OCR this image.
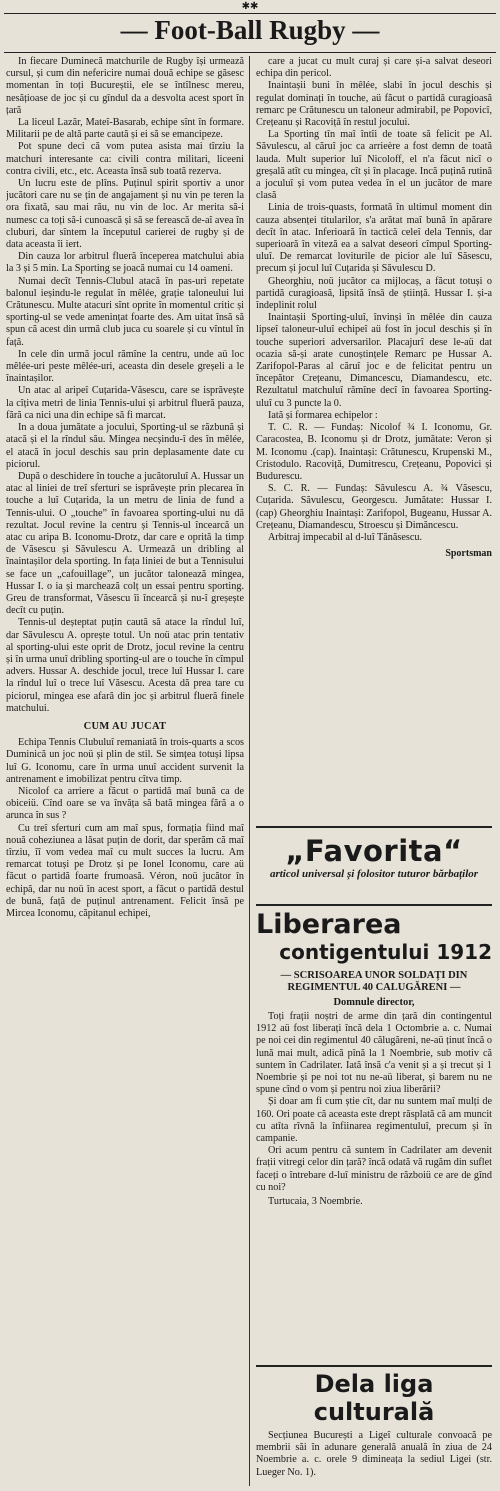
✱✱
— Foot-Ball Rugby —

In fiecare Duminecă matchurile de Rugby își urmează cursul, și cum din nefericire numai două echipe se găsesc momentan în toți Bucureștii, ele se întîlnesc mereu, nesățioase de joc și cu gîndul da a desvolta acest sport în țară

La liceul Lazăr, Mateî-Basarab, echipe sînt în formare. Militarii pe de altă parte caută și ei să se emancipeze.

Pot spune deci că vom putea asista mai tîrziu la matchuri interesante ca: civili contra militari, liceeni contra civili, etc., etc. Aceasta însă sub toată rezerva.

Un lucru este de plîns. Puținul spirit sportiv a unor jucători care nu se țin de angajament și nu vin pe teren la ora fixată, sau mai rău, nu vin de loc. Ar merita să-i numesc ca toți să-i cunoască și să se ferească de-aî avea în cluburi, dar sîntem la începutul carierei de rugby și de data aceasta îi iert.

Din cauza lor arbitrul flueră începerea matchului abia la 3 și 5 min. La Sporting se joacă numai cu 14 oameni.

Numai decît Tennis-Clubul atacă în pas-uri repetate balonul ieșindu-le regulat în mêlée, grație taloneului lui Crătunescu. Multe atacuri sînt oprite în momentul critic și sporting-ul se vede amenințat foarte des. Am uitat însă să spun că acest din urmă club juca cu soarele și cu vîntul în față.

In cele din urmă jocul rămîne la centru, unde aü loc mêlée-uri peste mêlée-uri, aceasta din desele greșeli a le înaintașilor.

Un atac al aripeî Cuțarida-Văsescu, care se isprăvește la cîțiva metri de linia Tennis-ului și arbitrul flueră pauza, fără ca nici una din echipe să fi marcat.

In a doua jumătate a jocului, Sporting-ul se răzbună și atacă și el la rîndul său. Mingea necșindu-î des în mêlée, el atacă în jocul deschis sau prin deplasamente date cu piciorul.

După o deschidere în touche a jucătoruluî A. Hussar un atac al liniei de treî sferturi se isprăvește prin plecarea în touche a luî Cuțarida, la un metru de linia de fund a Tennis-ului. O „touche” în favoarea sporting-ului nu dă rezultat. Jocul revine la centru și Tennis-ul încearcă un atac cu aripa B. Iconomu-Drotz, dar care e oprită la timp de Văsescu și Săvulescu A. Urmează un dribling al înaintașilor dela sporting. In fața liniei de but a Tennisului se face un „cafouillage”, un jucător talonează mingea, Hussar I. o ia și marchează colț un essai pentru sporting. Greu de transformat, Văsescu îi încearcă și nu-î greșește decît cu puțin.

Tennis-ul deșteptat puțin caută să atace la rîndul luî, dar Săvulescu A. oprește totul. Un noü atac prin tentativ al sporting-ului este oprit de Drotz, jocul revine la centru și în urma unuî dribling sporting-ul are o touche în cîmpul advers. Hussar A. deschide jocul, trece luî Hussar I. care la rîndul luî o trece luî Văsescu. Acesta dă prea tare cu piciorul, mingea ese afară din joc și arbitrul flueră finele matchului.

CUM AU JUCAT

Echipa Tennis Clubuluî remaniată în trois-quarts a scos Duminică un joc noü și plin de stil. Se simțea totuși lipsa luî G. Iconomu, care în urma unuî accident survenit la antrenament e imobilizat pentru cîtva timp.

Nicolof ca arriere a făcut o partidă maî bună ca de obiceiü. Cînd oare se va învăța să bată mingea fără a o arunca în sus ?

Cu treî sferturi cum am maî spus, formația fiind maî nouă coheziunea a lăsat puțin de dorit, dar sperăm că maî tîrziu, îî vom vedea maî cu mult succes la lucru. Am remarcat totuși pe Drotz și pe Ionel Iconomu, care aü făcut o partidă foarte frumoasă. Véron, noü jucător în echipă, dar nu noü în acest sport, a făcut o partidă destul de bună, față de puținul antrenament. Felicit însă pe Mircea Iconomu, căpitanul echipei,

care a jucat cu mult curaj și care și-a salvat deseori echipa din pericol.

Inaintașii buni în mêlée, slabi în jocul deschis și regulat dominați în touche, aü făcut o partidă curagioasă remarc pe Crătunescu un taloneur admirabil, pe Popovicî, Crețeanu și Racoviță în restul jocului.

La Sporting tîn maî întîi de toate să felicit pe Al. Săvulescu, al căruî joc ca arrieère a fost demn de toată lauda. Mult superior luî Nicoloff, el n'a făcut nicî o greșală atît cu mingea, cît și în placage. Incă puțină rutină a joculuî și vom putea vedea în el un jucător de mare clasă

Linia de trois-quasts, formată în ultimul moment din cauza absenței titularilor, s'a arătat maî bună în apărare decît în atac. Inferioară în tactică celeî dela Tennis, dar superioară în viteză ea a salvat deseori cîmpul Sporting-uluî. De remarcat loviturile de picior ale luî Săsescu, precum și jocul luî Cuțarida și Săvulescu D.

Gheorghiu, noü jucător ca mijlocaș, a făcut totuși o partidă curagioasă, lipsită însă de știință. Hussar I. și-a îndeplinit rolul

Inaintașii Sporting-uluî, învinși în mêlée din cauza lipseî taloneur-uluî echipeî aü fost în jocul deschis și în touche superiori adversarilor. Placajurî dese le-aü dat ocazia să-și arate cunoștințele Remarc pe Hussar A. Zarifopol-Paras al căruî joc e de felicitat pentru un începător Crețeanu, Dimancescu, Diamandescu, etc. Rezultatul matchuluî rămîne decî în favoarea Sporting-uluî cu 3 puncte la 0.

Iată și formarea echipelor :

T. C. R. — Fundaș: Nicolof ¾ I. Iconomu, Gr. Caracostea, B. Iconomu și dr Drotz, jumătate: Veron și M. Iconomu .(cap). Inaintași: Crătunescu, Krupenski M., Cristodulo. Racoviță, Dumitrescu, Crețeanu, Popovici și Budurescu.

S. C. R. — Fundaș: Săvulescu A. ¾ Văsescu, Cuțarida. Săvulescu, Georgescu. Jumătate: Hussar I. (cap) Gheorghiu Inaintași: Zarifopol, Bugeanu, Hussar A. Crețeanu, Diamandescu, Stroescu și Dimăncescu.

Arbitraj impecabil al d-luî Tănăsescu.

Sportsman
„Favorita“
articol universal și folositor tuturor bărbaților
Liberarea
contigentului 1912
— SCRISOAREA UNOR SOLDAȚI DIN REGIMENTUL 40 CALUGĂRENI —
Domnule director,

Toți frații noștri de arme din țară din contingentul 1912 aü fost liberați încă dela 1 Octombrie a. c. Numai pe noi cei din regimentul 40 călugăreni, ne-aü ținut încă o lună mai mult, adică pînă la 1 Noembrie, sub motiv că suntem în Cadrilater. Iată însă c'a venit și a și trecut și 1 Noembrie și pe noi tot nu ne-aü liberat, și barem nu ne spune cînd o vom și pentru noi ziua liberării?

Și doar am fi cum știe cît, dar nu suntem maî mulți de 160. Ori poate că aceasta este drept răsplată că am muncit cu atîta rîvnă la înfiinarea regimentuluî, precum și în campanie.

Ori acum pentru că suntem în Cadrilater am devenit frații vitregi celor din țară? încă odată vă rugăm din suflet faceți o întrebare d-luî ministru de războiü ce are de gînd cu noi?

Turtucaia, 3 Noembrie.
Dela liga culturală

Secțiunea București a Ligeî culturale convoacă pe membrii săi în adunare generală anuală în ziua de 24 Noembrie a. c. orele 9 dimineața la sediul Ligei (str. Lueger No. 1).
